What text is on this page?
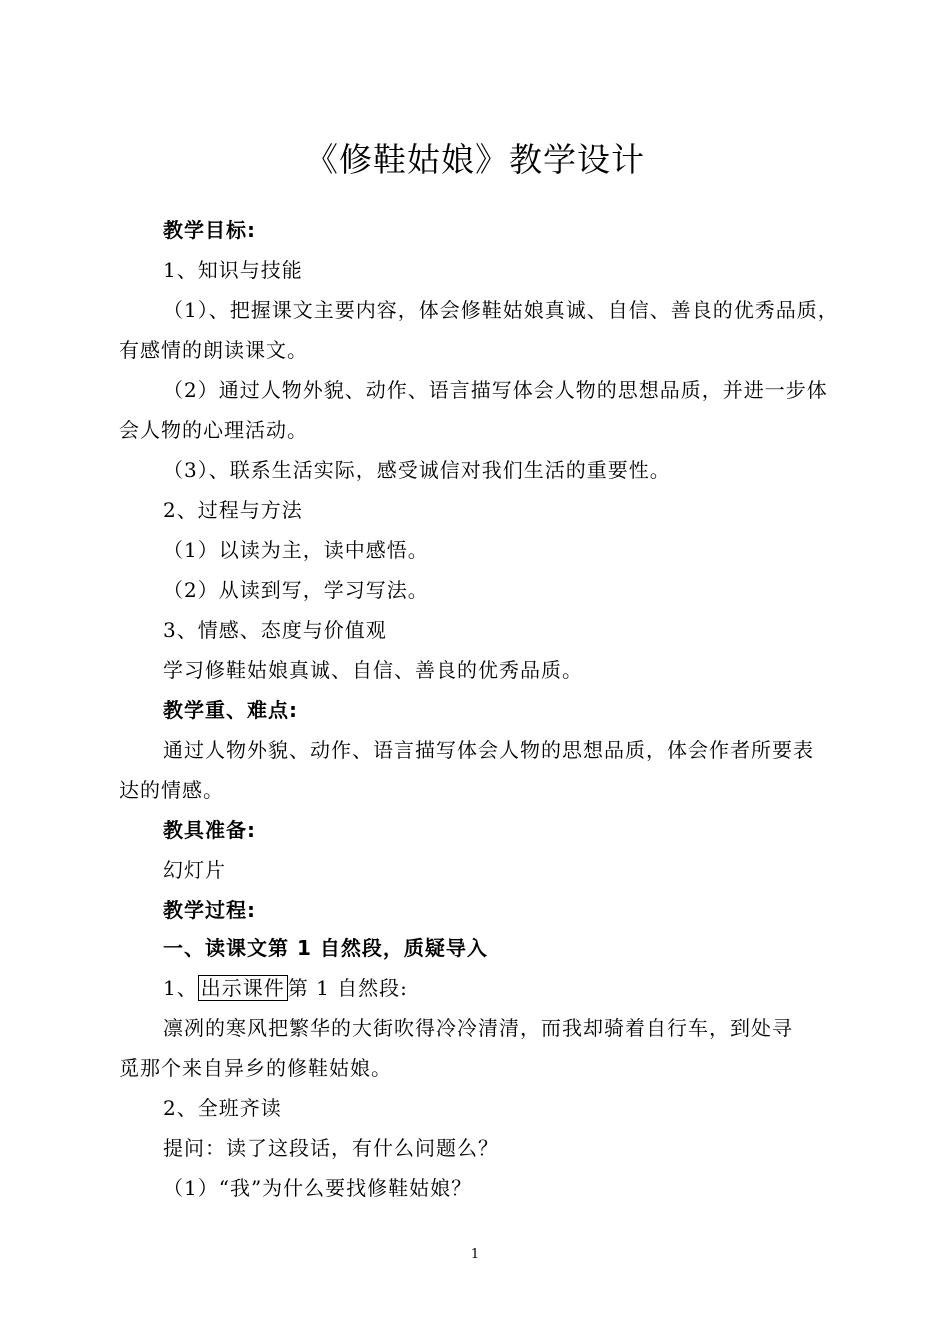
《修鞋姑娘》教学设计
教学目标:
1、知识与技能
（1）、把握课文主要内容，体会修鞋姑娘真诚、自信、善良的优秀品质，
有感情的朗读课文。
（2）通过人物外貌、动作、语言描写体会人物的思想品质，并进一步体
会人物的心理活动。
（3）、联系生活实际，感受诚信对我们生活的重要性。
2、过程与方法
（1）以读为主，读中感悟。
（2）从读到写，学习写法。
3、情感、态度与价值观
学习修鞋姑娘真诚、自信、善良的优秀品质。
教学重、难点:
通过人物外貌、动作、语言描写体会人物的思想品质，体会作者所要表
达的情感。
教具准备:
幻灯片
教学过程:
一、读课文第 1 自然段，质疑导入
1、 出示课件 第 1 自然段:
凛冽的寒风把繁华的大街吹得冷冷清清，而我却骑着自行车，到处寻
觅那个来自异乡的修鞋姑娘。
2、全班齐读
提问：读了这段话，有什么问题么？
（1）“我”为什么要找修鞋姑娘？
1
